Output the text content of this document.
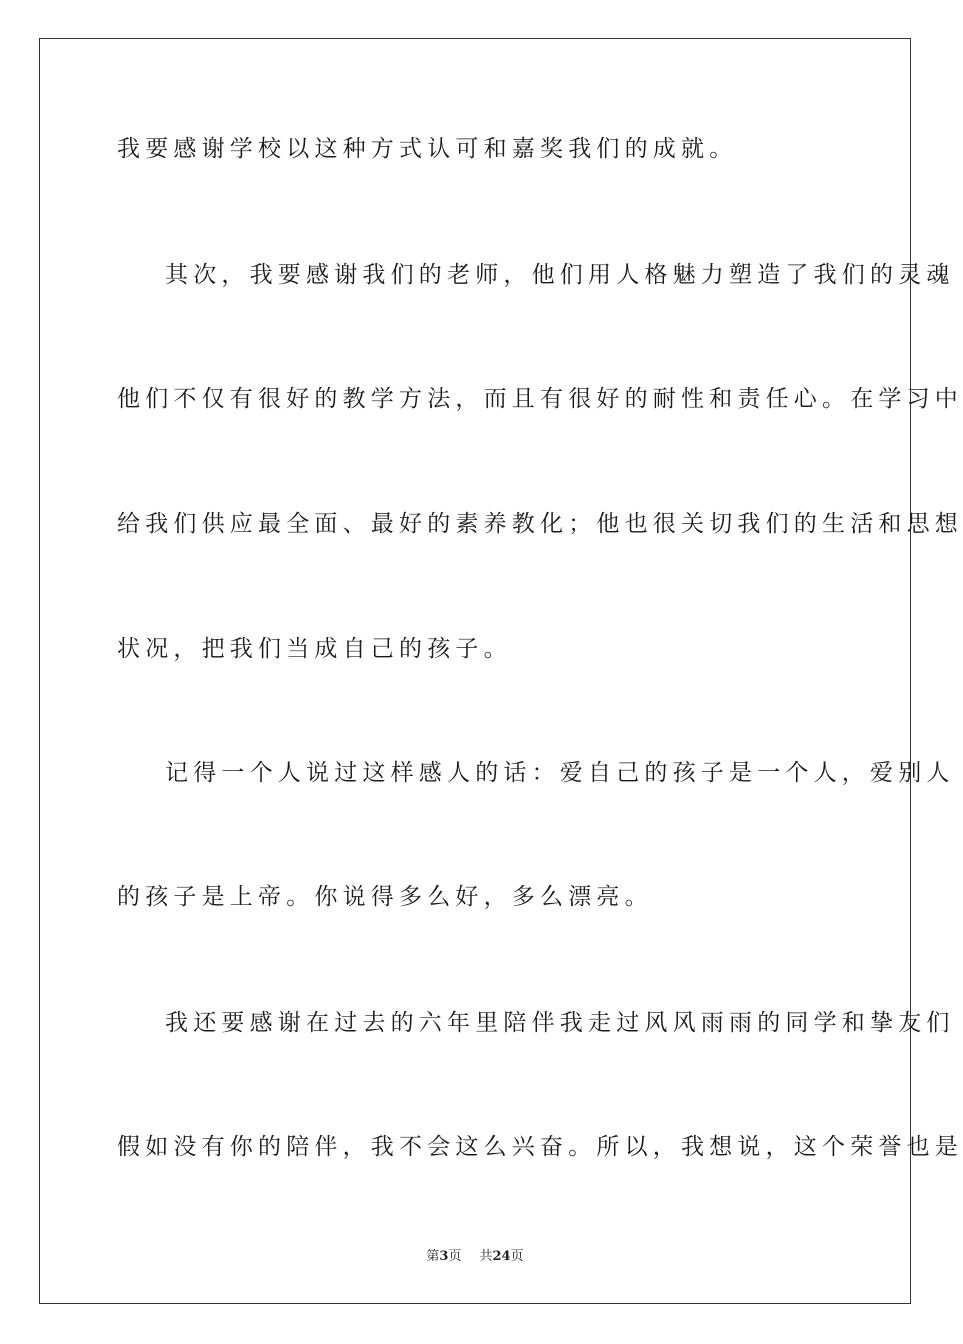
我要感谢学校以这种方式认可和嘉奖我们的成就。
其次，我要感谢我们的老师，他们用人格魅力塑造了我们的灵魂
他们不仅有很好的教学方法，而且有很好的耐性和责任心。在学习中
给我们供应最全面、最好的素养教化；他也很关切我们的生活和思想
状况，把我们当成自己的孩子。
记得一个人说过这样感人的话：爱自己的孩子是一个人，爱别人
的孩子是上帝。你说得多么好，多么漂亮。
我还要感谢在过去的六年里陪伴我走过风风雨雨的同学和挚友们
假如没有你的陪伴，我不会这么兴奋。所以，我想说，这个荣誉也是
第3页 共24页
